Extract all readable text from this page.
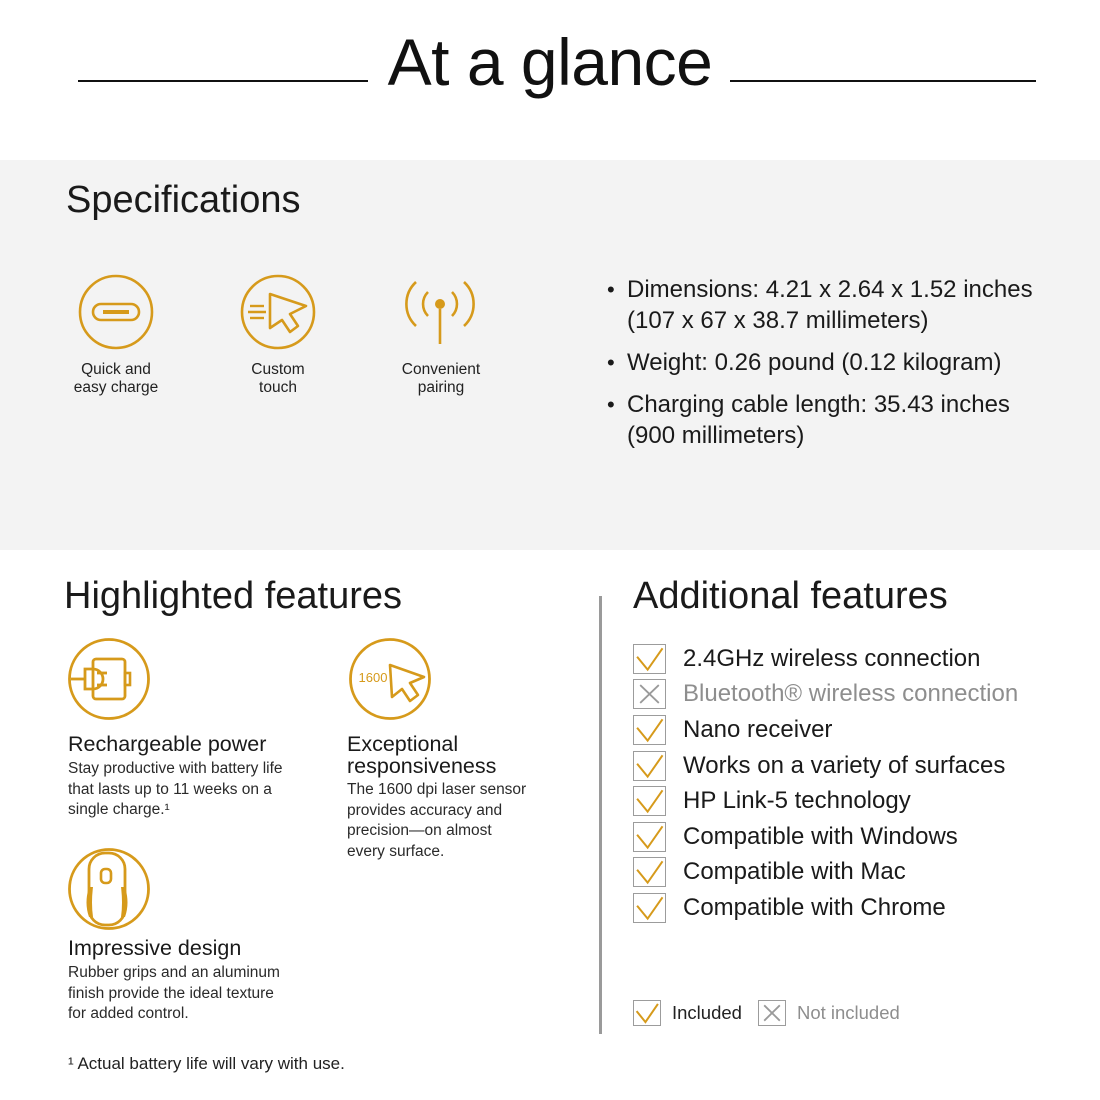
At a glance
Specifications
Quick and
easy charge
Custom
touch
Convenient
pairing
• Dimensions: 4.21 x 2.64 x 1.52 inches
(107 x 67 x 38.7 millimeters)
• Weight: 0.26 pound (0.12 kilogram)
• Charging cable length: 35.43 inches
(900 millimeters)
Highlighted features
Rechargeable power
Stay productive with battery life
that lasts up to 11 weeks on a
single charge.¹
1600
Exceptional
responsiveness
The 1600 dpi laser sensor
provides accuracy and
precision—on almost
every surface.
Impressive design
Rubber grips and an aluminum
finish provide the ideal texture
for added control.
Additional features
2.4GHz wireless connection
Bluetooth® wireless connection
Nano receiver
Works on a variety of surfaces
HP Link-5 technology
Compatible with Windows
Compatible with Mac
Compatible with Chrome
Included	Not included

¹ Actual battery life will vary with use.
